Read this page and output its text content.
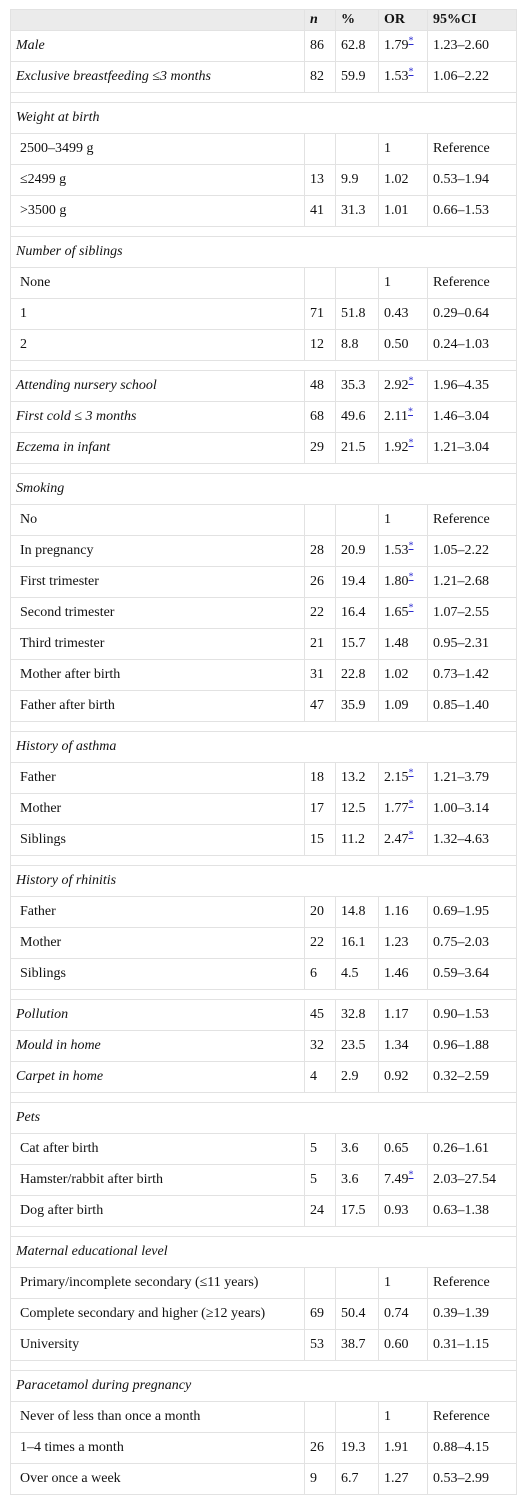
	n	%	OR	95%CI
Male	86	62.8	1.79*	1.23–2.60
Exclusive breastfeeding ≤3 months	82	59.9	1.53*	1.06–2.22

Weight at birth				
2500–3499 g			1	Reference
≤2499 g	13	9.9	1.02	0.53–1.94
>3500 g	41	31.3	1.01	0.66–1.53

Number of siblings				
None			1	Reference
1	71	51.8	0.43	0.29–0.64
2	12	8.8	0.50	0.24–1.03

Attending nursery school	48	35.3	2.92*	1.96–4.35
First cold ≤ 3 months	68	49.6	2.11*	1.46–3.04
Eczema in infant	29	21.5	1.92*	1.21–3.04

Smoking				
No			1	Reference
In pregnancy	28	20.9	1.53*	1.05–2.22
First trimester	26	19.4	1.80*	1.21–2.68
Second trimester	22	16.4	1.65*	1.07–2.55
Third trimester	21	15.7	1.48	0.95–2.31
Mother after birth	31	22.8	1.02	0.73–1.42
Father after birth	47	35.9	1.09	0.85–1.40

History of asthma				
Father	18	13.2	2.15*	1.21–3.79
Mother	17	12.5	1.77*	1.00–3.14
Siblings	15	11.2	2.47*	1.32–4.63

History of rhinitis				
Father	20	14.8	1.16	0.69–1.95
Mother	22	16.1	1.23	0.75–2.03
Siblings	6	4.5	1.46	0.59–3.64

Pollution	45	32.8	1.17	0.90–1.53
Mould in home	32	23.5	1.34	0.96–1.88
Carpet in home	4	2.9	0.92	0.32–2.59

Pets				
Cat after birth	5	3.6	0.65	0.26–1.61
Hamster/rabbit after birth	5	3.6	7.49*	2.03–27.54
Dog after birth	24	17.5	0.93	0.63–1.38

Maternal educational level				
Primary/incomplete secondary (≤11 years)			1	Reference
Complete secondary and higher (≥12 years)	69	50.4	0.74	0.39–1.39
University	53	38.7	0.60	0.31–1.15

Paracetamol during pregnancy				
Never of less than once a month			1	Reference
1–4 times a month	26	19.3	1.91	0.88–4.15
Over once a week	9	6.7	1.27	0.53–2.99
